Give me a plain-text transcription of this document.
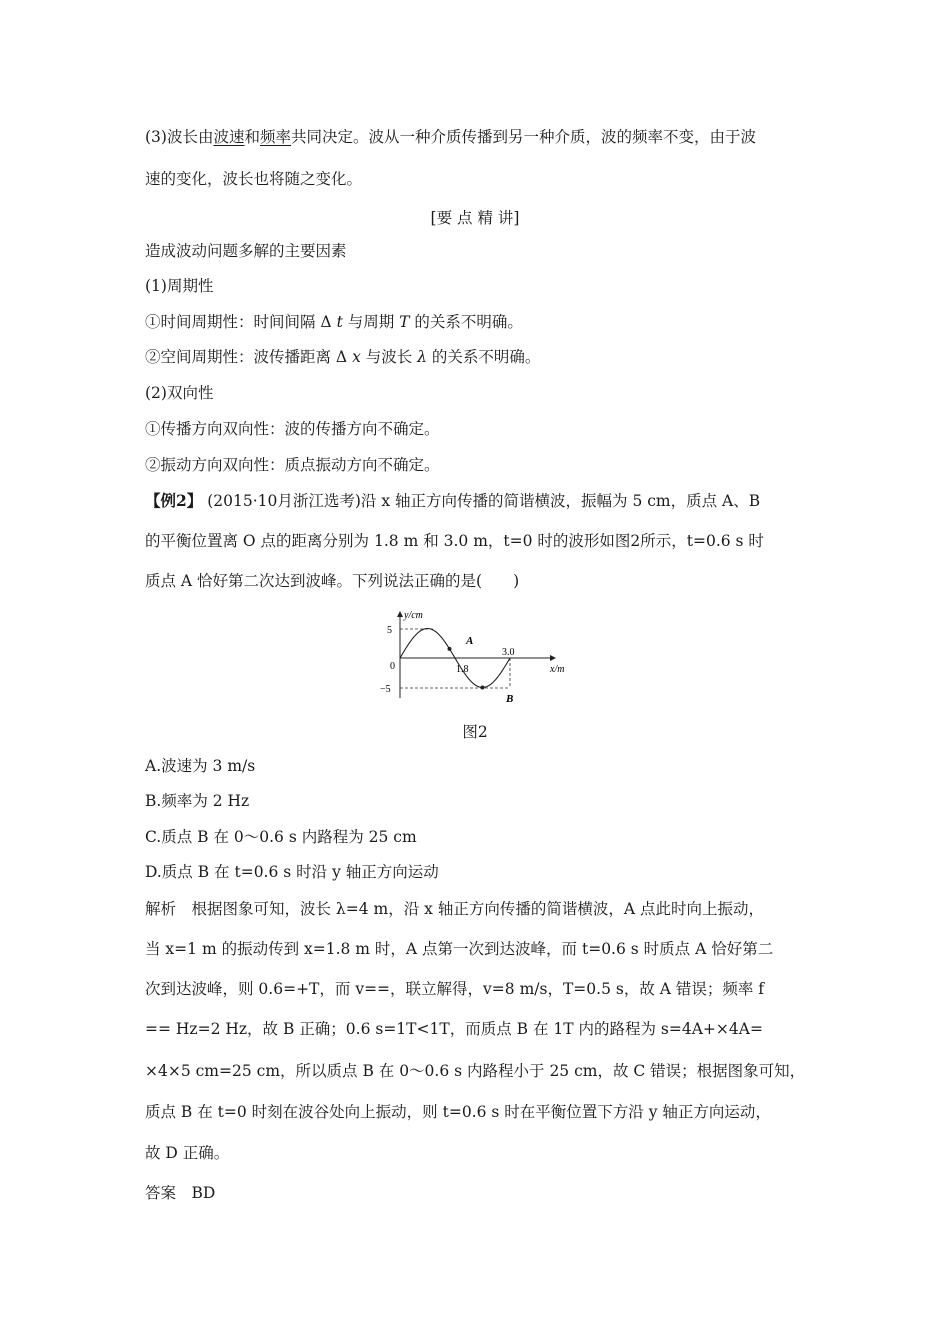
(3)波长由波速和频率共同决定。波从一种介质传播到另一种介质，波的频率不变，由于波
速的变化，波长也将随之变化。
[要 点 精 讲]
造成波动问题多解的主要因素
(1)周期性
①时间周期性：时间间隔 Δ t 与周期 T 的关系不明确。
②空间周期性：波传播距离 Δ x 与波长 λ 的关系不明确。
(2)双向性
①传播方向双向性：波的传播方向不确定。
②振动方向双向性：质点振动方向不确定。
【例2】 (2015·10月浙江选考)沿 x 轴正方向传播的简谐横波，振幅为 5 cm，质点 A、B
的平衡位置离 O 点的距离分别为 1.8 m 和 3.0 m，t=0 时的波形如图2所示，t=0.6 s 时
质点 A 恰好第二次达到波峰。下列说法正确的是(　　)
y/cm
x/m
5
−5
0	1.8
3.0
A
B
图2
A.波速为 3 m/s
B.频率为 2 Hz
C.质点 B 在 0～0.6 s 内路程为 25 cm
D.质点 B 在 t=0.6 s 时沿 y 轴正方向运动
解析　根据图象可知，波长 λ=4 m，沿 x 轴正方向传播的简谐横波，A 点此时向上振动，
当 x=1 m 的振动传到 x=1.8 m 时，A 点第一次到达波峰，而 t=0.6 s 时质点 A 恰好第二
次到达波峰，则 0.6=+T，而 v==，联立解得，v=8 m/s，T=0.5 s，故 A 错误；频率 f
== Hz=2 Hz，故 B 正确；0.6 s=1T<1T，而质点 B 在 1T 内的路程为 s=4A+×4A=
×4×5 cm=25 cm，所以质点 B 在 0～0.6 s 内路程小于 25 cm，故 C 错误；根据图象可知，
质点 B 在 t=0 时刻在波谷处向上振动，则 t=0.6 s 时在平衡位置下方沿 y 轴正方向运动，
故 D 正确。
答案　BD
